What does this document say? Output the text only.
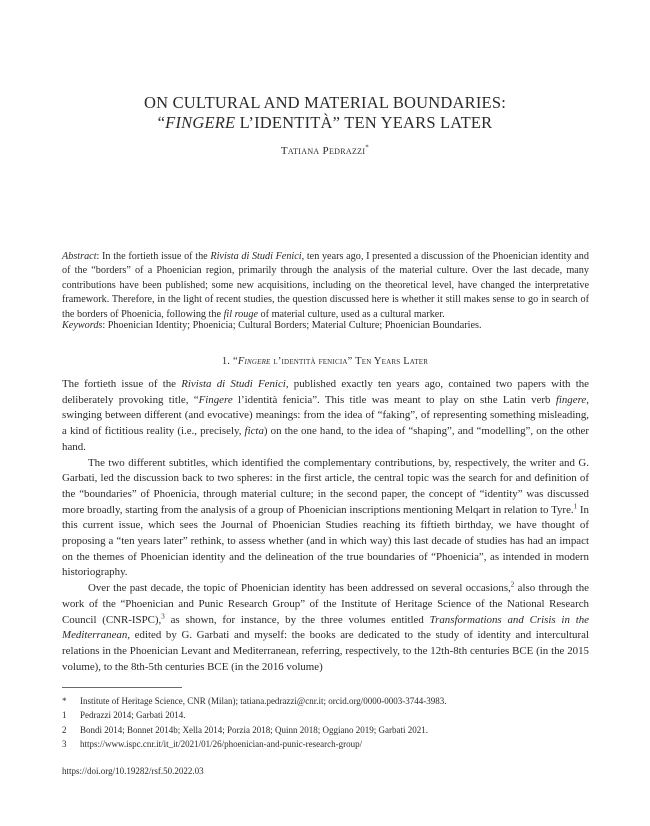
ON CULTURAL AND MATERIAL BOUNDARIES:
“FINGERE L’IDENTITÀ” TEN YEARS LATER
Tatiana Pedrazzi*
Abstract: In the fortieth issue of the Rivista di Studi Fenici, ten years ago, I presented a discussion of the Phoenician identity and of the “borders” of a Phoenician region, primarily through the analysis of the material culture. Over the last decade, many contributions have been published; some new acquisitions, including on the theoretical level, have changed the interpretative framework. Therefore, in the light of recent studies, the question discussed here is whether it still makes sense to go in search of the borders of Phoenicia, following the fil rouge of material culture, used as a cultural marker.
Keywords: Phoenician Identity; Phoenicia; Cultural Borders; Material Culture; Phoenician Boundaries.
1. “Fingere l’identità fenicia” Ten Years Later

The fortieth issue of the Rivista di Studi Fenici, published exactly ten years ago, contained two papers with the deliberately provoking title, “Fingere l’identità fenicia”. This title was meant to play on sthe Latin verb fingere, swinging between different (and evocative) meanings: from the idea of “faking”, of representing something misleading, a kind of fictitious reality (i.e., precisely, ficta) on the one hand, to the idea of “shaping”, and “modelling”, on the other hand.

The two different subtitles, which identified the complementary contributions, by, respectively, the writer and G. Garbati, led the discussion back to two spheres: in the first article, the central topic was the search for and definition of the “boundaries” of Phoenicia, through material culture; in the second paper, the concept of “identity” was discussed more broadly, starting from the analysis of a group of Phoenician inscriptions mentioning Melqart in relation to Tyre.$^1$ In this current issue, which sees the Journal of Phoenician Studies reaching its fiftieth birthday, we have thought of proposing a “ten years later” rethink, to assess whether (and in which way) this last decade of studies has had an impact on the themes of Phoenician identity and the delineation of the true boundaries of “Phoenicia”, as intended in modern historiography.

Over the past decade, the topic of Phoenician identity has been addressed on several occasions,$^2$ also through the work of the “Phoenician and Punic Research Group” of the Institute of Heritage Science of the National Research Council (CNR-ISPC),$^3$ as shown, for instance, by the three volumes entitled Transformations and Crisis in the Mediterranean, edited by G. Garbati and myself: the books are dedicated to the study of identity and intercultural relations in the Phoenician Levant and Mediterranean, referring, respectively, to the 12th-8th centuries BCE (in the 2015 volume), to the 8th-5th centuries BCE (in the 2016 volume)

*	Institute of Heritage Science, CNR (Milan); tatiana.pedrazzi@cnr.it; orcid.org/0000-0003-3744-3983.
1	Pedrazzi 2014; Garbati 2014.
2	Bondì 2014; Bonnet 2014b; Xella 2014; Porzia 2018; Quinn 2018; Oggiano 2019; Garbati 2021.
3	https://www.ispc.cnr.it/it_it/2021/01/26/phoenician-and-punic-research-group/
https://doi.org/10.19282/rsf.50.2022.03
